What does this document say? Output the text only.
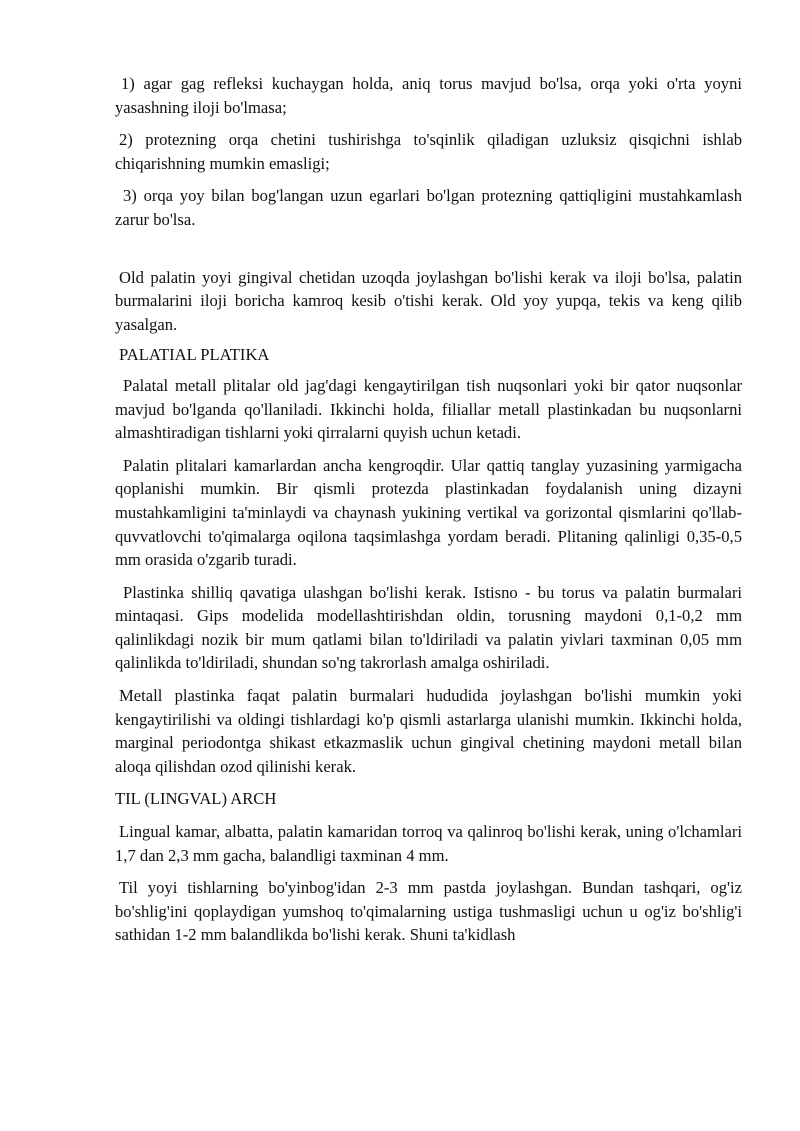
1) agar gag refleksi kuchaygan holda, aniq torus mavjud bo'lsa, orqa yoki o'rta yoyni yasashning iloji bo'lmasa;

2) protezning orqa chetini tushirishga to'sqinlik qiladigan uzluksiz qisqichni ishlab chiqarishning mumkin emasligi;

3) orqa yoy bilan bog'langan uzun egarlari bo'lgan protezning qattiqligini mustahkamlash zarur bo'lsa.

Old palatin yoyi gingival chetidan uzoqda joylashgan bo'lishi kerak va iloji bo'lsa, palatin burmalarini iloji boricha kamroq kesib o'tishi kerak. Old yoy yupqa, tekis va keng qilib yasalgan.

PALATIAL PLATIKA

Palatal metall plitalar old jag'dagi kengaytirilgan tish nuqsonlari yoki bir qator nuqsonlar mavjud bo'lganda qo'llaniladi. Ikkinchi holda, filiallar metall plastinkadan bu nuqsonlarni almashtiradigan tishlarni yoki qirralarni quyish uchun ketadi.

Palatin plitalari kamarlardan ancha kengroqdir. Ular qattiq tanglay yuzasining yarmigacha qoplanishi mumkin. Bir qismli protezda plastinkadan foydalanish uning dizayni mustahkamligini ta'minlaydi va chaynash yukining vertikal va gorizontal qismlarini qo'llab-quvvatlovchi to'qimalarga oqilona taqsimlashga yordam beradi. Plitaning qalinligi 0,35-0,5 mm orasida o'zgarib turadi.

Plastinka shilliq qavatiga ulashgan bo'lishi kerak. Istisno - bu torus va palatin burmalari mintaqasi. Gips modelida modellashtirishdan oldin, torusning maydoni 0,1-0,2 mm qalinlikdagi nozik bir mum qatlami bilan to'ldiriladi va palatin yivlari taxminan 0,05 mm qalinlikda to'ldiriladi, shundan so'ng takrorlash amalga oshiriladi.

Metall plastinka faqat palatin burmalari hududida joylashgan bo'lishi mumkin yoki kengaytirilishi va oldingi tishlardagi ko'p qismli astarlarga ulanishi mumkin. Ikkinchi holda, marginal periodontga shikast etkazmaslik uchun gingival chetining maydoni metall bilan aloqa qilishdan ozod qilinishi kerak.

TIL (LINGVAL) ARCH

Lingual kamar, albatta, palatin kamaridan torroq va qalinroq bo'lishi kerak, uning o'lchamlari 1,7 dan 2,3 mm gacha, balandligi taxminan 4 mm.

Til yoyi tishlarning bo'yinbog'idan 2-3 mm pastda joylashgan. Bundan tashqari, og'iz bo'shlig'ini qoplaydigan yumshoq to'qimalarning ustiga tushmasligi uchun u og'iz bo'shlig'i sathidan 1-2 mm balandlikda bo'lishi kerak. Shuni ta'kidlash
